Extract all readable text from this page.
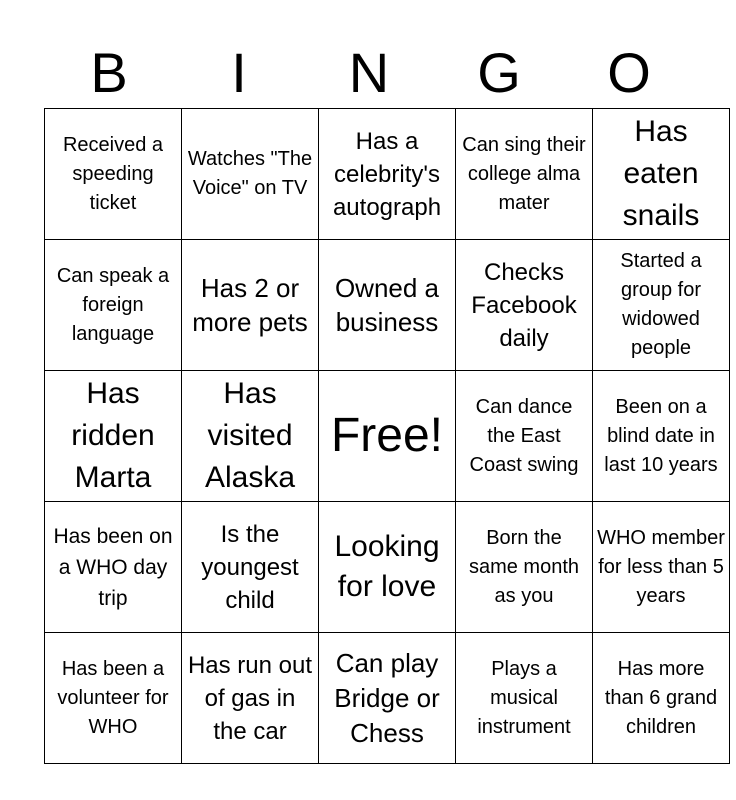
B	I	N	G	O
Received a speeding ticket	Watches "The Voice" on TV	Has a celebrity's autograph	Can sing their college alma mater	Has eaten snails
Can speak a foreign language	Has 2 or more pets	Owned a business	Checks Facebook daily	Started a group for widowed people
Has ridden Marta	Has visited Alaska	Free!	Can dance the East Coast swing	Been on a blind date in last 10 years
Has been on a WHO day trip	Is the youngest child	Looking for love	Born the same month as you	WHO member for less than 5 years
Has been a volunteer for WHO	Has run out of gas in the car	Can play Bridge or Chess	Plays a musical instrument	Has more than 6 grand children
